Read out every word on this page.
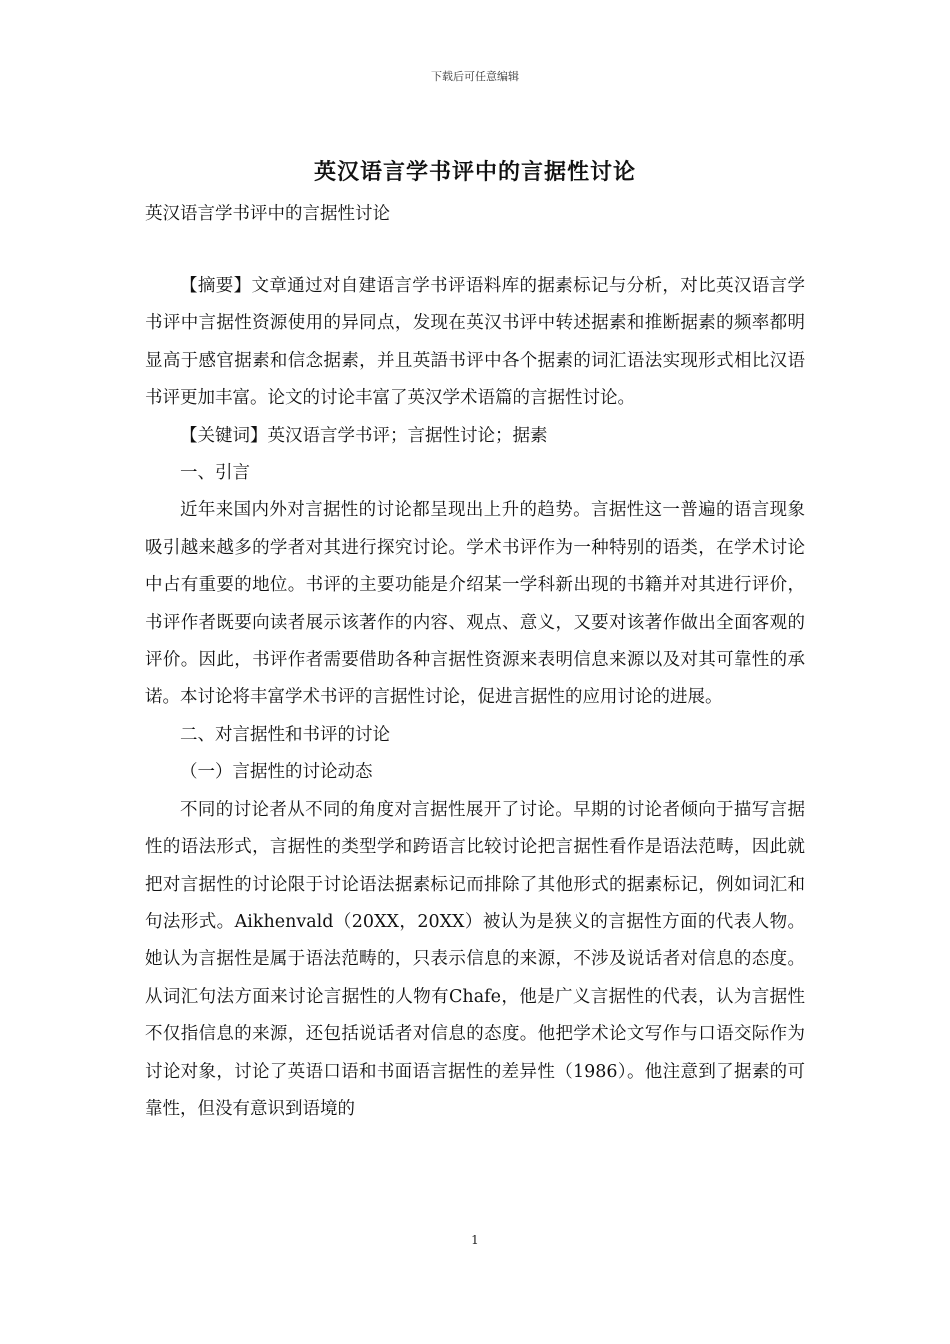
下载后可任意编辑
英汉语言学书评中的言据性讨论
英汉语言学书评中的言据性讨论

【摘要】文章通过对自建语言学书评语料库的据素标记与分析，对比英汉语言学书评中言据性资源使用的异同点，发现在英汉书评中转述据素和推断据素的频率都明显高于感官据素和信念据素，并且英語书评中各个据素的词汇语法实现形式相比汉语书评更加丰富。论文的讨论丰富了英汉学术语篇的言据性讨论。

【关键词】英汉语言学书评；言据性讨论；据素

一、引言

近年来国内外对言据性的讨论都呈现出上升的趋势。言据性这一普遍的语言现象吸引越来越多的学者对其进行探究讨论。学术书评作为一种特别的语类，在学术讨论中占有重要的地位。书评的主要功能是介绍某一学科新出现的书籍并对其进行评价，书评作者既要向读者展示该著作的内容、观点、意义，又要对该著作做出全面客观的评价。因此，书评作者需要借助各种言据性资源来表明信息来源以及对其可靠性的承诺。本讨论将丰富学术书评的言据性讨论，促进言据性的应用讨论的进展。

二、对言据性和书评的讨论

（一）言据性的讨论动态

不同的讨论者从不同的角度对言据性展开了讨论。早期的讨论者倾向于描写言据性的语法形式，言据性的类型学和跨语言比较讨论把言据性看作是语法范畴，因此就把对言据性的讨论限于讨论语法据素标记而排除了其他形式的据素标记，例如词汇和句法形式。Aikhenvald（20XX，20XX）被认为是狭义的言据性方面的代表人物。她认为言据性是属于语法范畴的，只表示信息的来源，不涉及说话者对信息的态度。从词汇句法方面来讨论言据性的人物有Chafe，他是广义言据性的代表，认为言据性不仅指信息的来源，还包括说话者对信息的态度。他把学术论文写作与口语交际作为讨论对象，讨论了英语口语和书面语言据性的差异性（1986）。他注意到了据素的可靠性，但没有意识到语境的

1
